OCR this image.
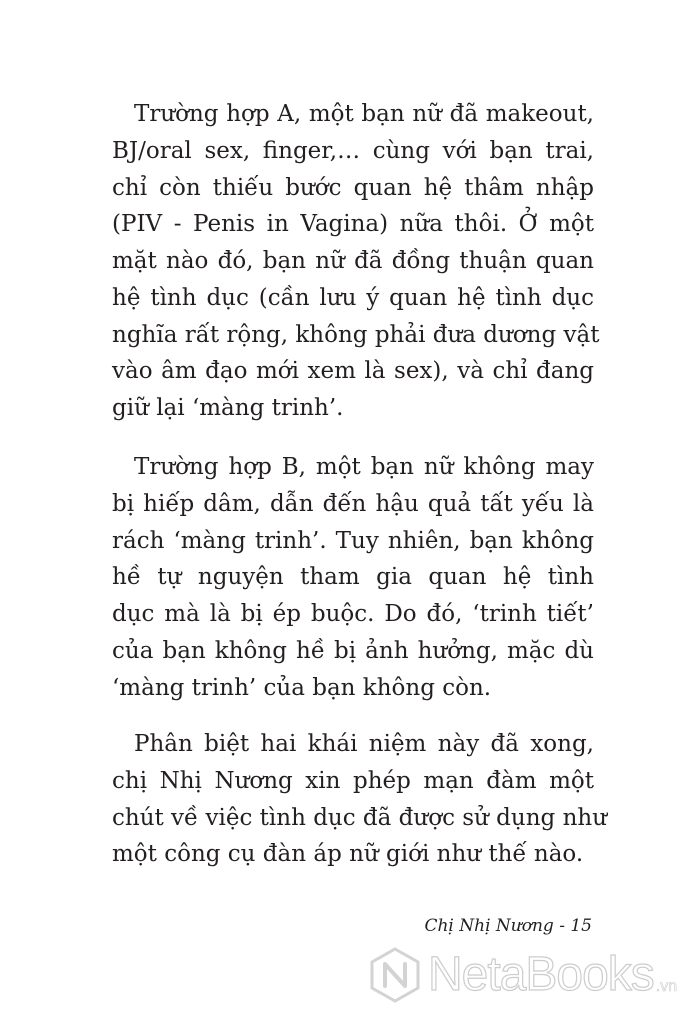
Trường hợp A, một bạn nữ đã makeout,
BJ/oral sex, finger,… cùng với bạn trai,
chỉ còn thiếu bước quan hệ thâm nhập
(PIV - Penis in Vagina) nữa thôi. Ở một
mặt nào đó, bạn nữ đã đồng thuận quan
hệ tình dục (cần lưu ý quan hệ tình dục
nghĩa rất rộng, không phải đưa dương vật
vào âm đạo mới xem là sex), và chỉ đang
giữ lại ‘màng trinh’.
Trường hợp B, một bạn nữ không may
bị hiếp dâm, dẫn đến hậu quả tất yếu là
rách ‘màng trinh’. Tuy nhiên, bạn không
hề tự nguyện tham gia quan hệ tình
dục mà là bị ép buộc. Do đó, ‘trinh tiết’
của bạn không hề bị ảnh hưởng, mặc dù
‘màng trinh’ của bạn không còn.
Phân biệt hai khái niệm này đã xong,
chị Nhị Nương xin phép mạn đàm một
chút về việc tình dục đã được sử dụng như
một công cụ đàn áp nữ giới như thế nào.
Chị Nhị Nương - 15
NetaBooks .vn
